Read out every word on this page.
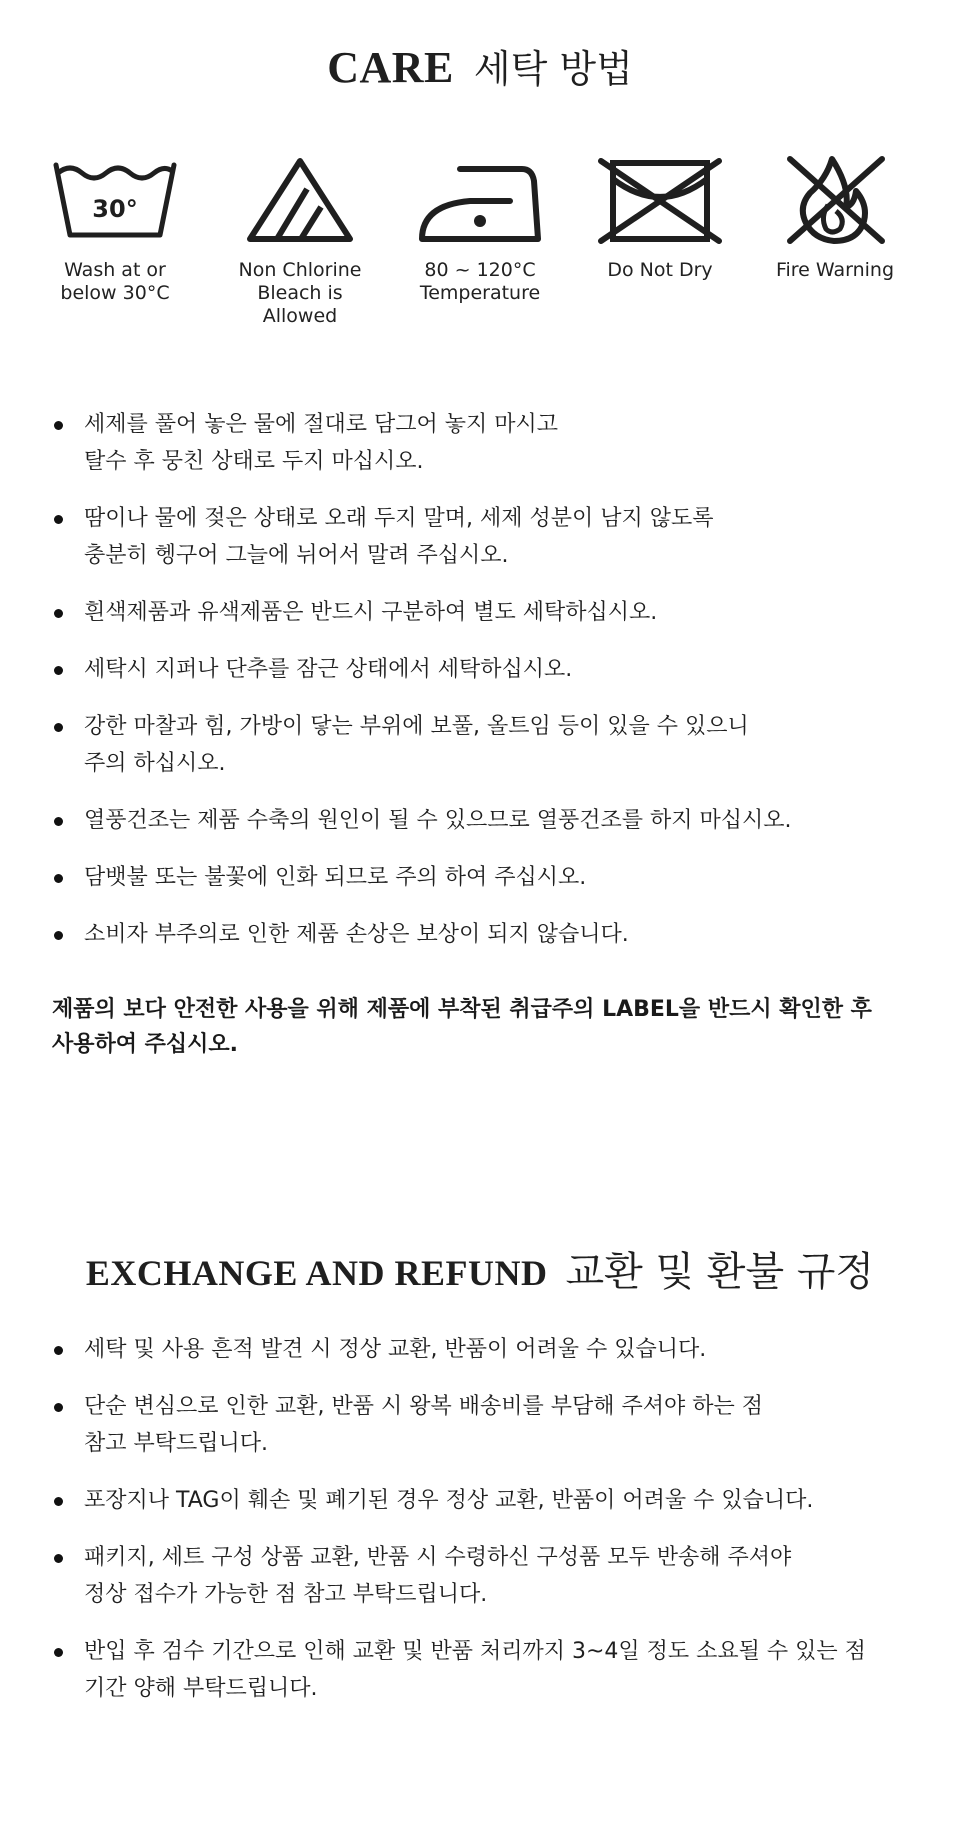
CARE 세탁 방법
30°
Wash at or
below 30°C
Non Chlorine
Bleach is
Allowed
80 ~ 120°C
Temperature
Do Not Dry	Fire Warning
세제를 풀어 놓은 물에 절대로 담그어 놓지 마시고
탈수 후 뭉친 상태로 두지 마십시오.
땀이나 물에 젖은 상태로 오래 두지 말며, 세제 성분이 남지 않도록
충분히 헹구어 그늘에 뉘어서 말려 주십시오.
흰색제품과 유색제품은 반드시 구분하여 별도 세탁하십시오.
세탁시 지퍼나 단추를 잠근 상태에서 세탁하십시오.
강한 마찰과 힘, 가방이 닿는 부위에 보풀, 올트임 등이 있을 수 있으니
주의 하십시오.
열풍건조는 제품 수축의 원인이 될 수 있으므로 열풍건조를 하지 마십시오.
담뱃불 또는 불꽃에 인화 되므로 주의 하여 주십시오.
소비자 부주의로 인한 제품 손상은 보상이 되지 않습니다.
제품의 보다 안전한 사용을 위해 제품에 부착된 취급주의 LABEL을 반드시 확인한 후
사용하여 주십시오.
EXCHANGE AND REFUND 교환 및 환불 규정
세탁 및 사용 흔적 발견 시 정상 교환, 반품이 어려울 수 있습니다.
단순 변심으로 인한 교환, 반품 시 왕복 배송비를 부담해 주셔야 하는 점
참고 부탁드립니다.
포장지나 TAG이 훼손 및 폐기된 경우 정상 교환, 반품이 어려울 수 있습니다.
패키지, 세트 구성 상품 교환, 반품 시 수령하신 구성품 모두 반송해 주셔야
정상 접수가 가능한 점 참고 부탁드립니다.
반입 후 검수 기간으로 인해 교환 및 반품 처리까지 3~4일 정도 소요될 수 있는 점
기간 양해 부탁드립니다.
